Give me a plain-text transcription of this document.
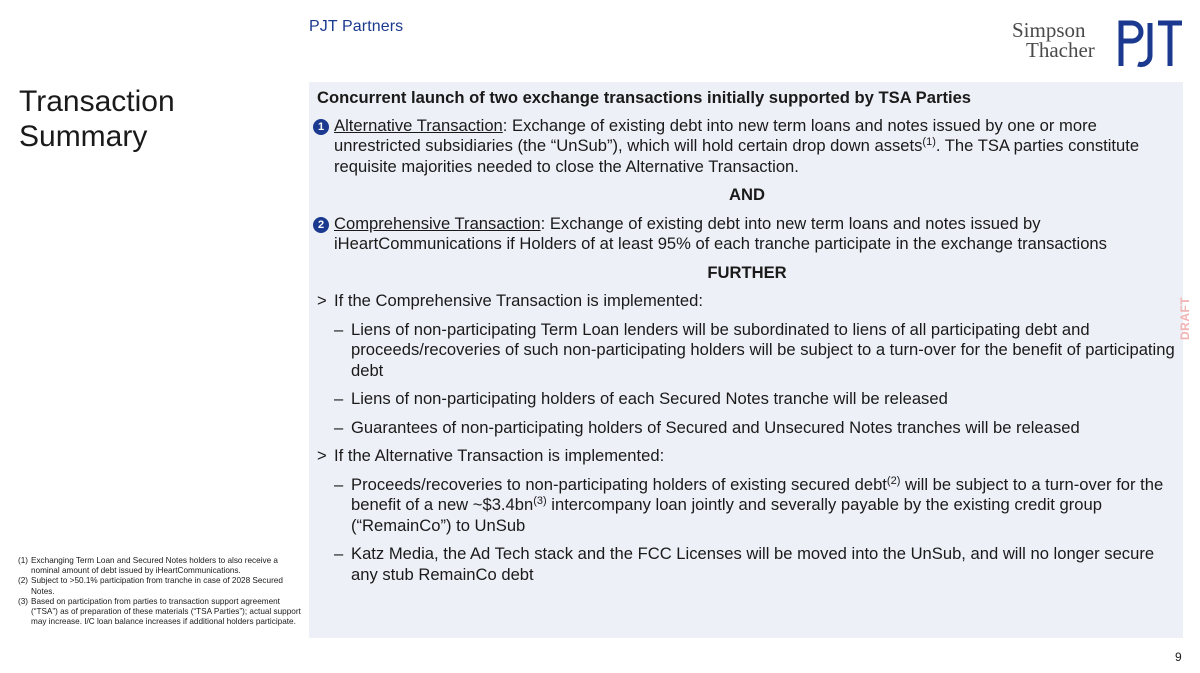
PJT Partners	Simpson
Thacher
Transaction
Summary
Concurrent launch of two exchange transactions initially supported by TSA Parties
1 Alternative Transaction: Exchange of existing debt into new term loans and notes issued by one or more unrestricted subsidiaries (the “UnSub”), which will hold certain drop down assets$^{(1)}$. The TSA parties constitute requisite majorities needed to close the Alternative Transaction.
AND
2 Comprehensive Transaction: Exchange of existing debt into new term loans and notes issued by iHeartCommunications if Holders of at least 95% of each tranche participate in the exchange transactions
FURTHER
> If the Comprehensive Transaction is implemented:
– Liens of non-participating Term Loan lenders will be subordinated to liens of all participating debt and proceeds/recoveries of such non-participating holders will be subject to a turn-over for the benefit of participating debt
– Liens of non-participating holders of each Secured Notes tranche will be released
– Guarantees of non-participating holders of Secured and Unsecured Notes tranches will be released
> If the Alternative Transaction is implemented:
– Proceeds/recoveries to non-participating holders of existing secured debt$^{(2)}$ will be subject to a turn-over for the benefit of a new $\sim\$3.4bn^{(3)}$ intercompany loan jointly and severally payable by the existing credit group (“RemainCo”) to UnSub
– Katz Media, the Ad Tech stack and the FCC Licenses will be moved into the UnSub, and will no longer secure any stub RemainCo debt
DRAFT
(1) Exchanging Term Loan and Secured Notes holders to also receive a nominal amount of debt issued by iHeartCommunications.
(2) Subject to >50.1% participation from tranche in case of 2028 Secured Notes.
(3) Based on participation from parties to transaction support agreement (“TSA”) as of preparation of these materials (“TSA Parties”); actual support may increase. I/C loan balance increases if additional holders participate.
9
